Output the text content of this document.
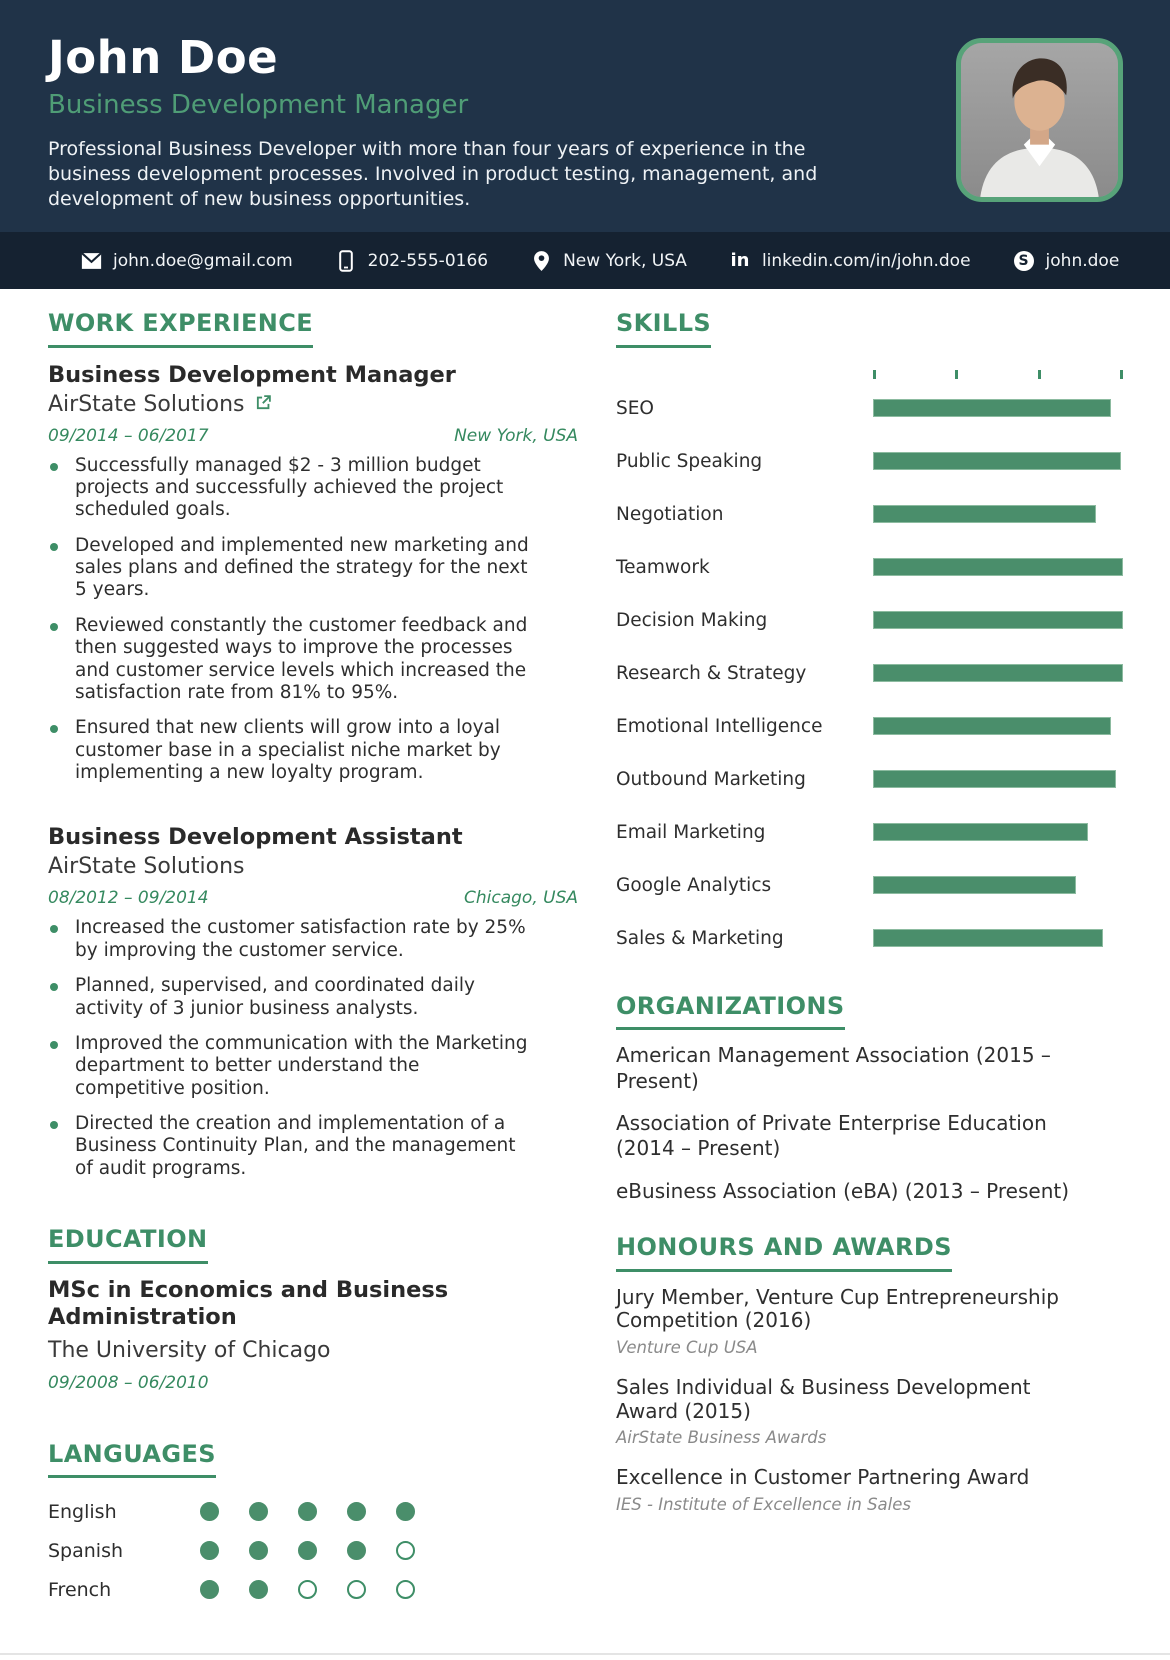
John Doe
Business Development Manager
Professional Business Developer with more than four years of experience in the business development processes. Involved in product testing, management, and development of new business opportunities.
john.doe@gmail.com	202-555-0166	New York, USA in linkedin.com/in/john.doe	S john.doe
WORK EXPERIENCE
Business Development Manager
AirState Solutions
09/2014 – 06/2017	New York, USA
Successfully managed $2 - 3 million budget projects and successfully achieved the project scheduled goals.
Developed and implemented new marketing and sales plans and defined the strategy for the next 5 years.
Reviewed constantly the customer feedback and then suggested ways to improve the processes and customer service levels which increased the satisfaction rate from 81% to 95%.
Ensured that new clients will grow into a loyal customer base in a specialist niche market by implementing a new loyalty program.
Business Development Assistant
AirState Solutions
08/2012 – 09/2014	Chicago, USA
Increased the customer satisfaction rate by 25% by improving the customer service.
Planned, supervised, and coordinated daily activity of 3 junior business analysts.
Improved the communication with the Marketing department to better understand the competitive position.
Directed the creation and implementation of a Business Continuity Plan, and the management of audit programs.
EDUCATION
MSc in Economics and Business Administration
The University of Chicago
09/2008 – 06/2010
LANGUAGES
English
Spanish
French
SKILLS
SEO
Public Speaking
Negotiation
Teamwork
Decision Making
Research & Strategy
Emotional Intelligence
Outbound Marketing
Email Marketing
Google Analytics
Sales & Marketing
ORGANIZATIONS
American Management Association (2015 – Present)
Association of Private Enterprise Education (2014 – Present)
eBusiness Association (eBA) (2013 – Present)
HONOURS AND AWARDS
Jury Member, Venture Cup Entrepreneurship Competition (2016)
Venture Cup USA
Sales Individual & Business Development Award (2015)
AirState Business Awards
Excellence in Customer Partnering Award
IES - Institute of Excellence in Sales
